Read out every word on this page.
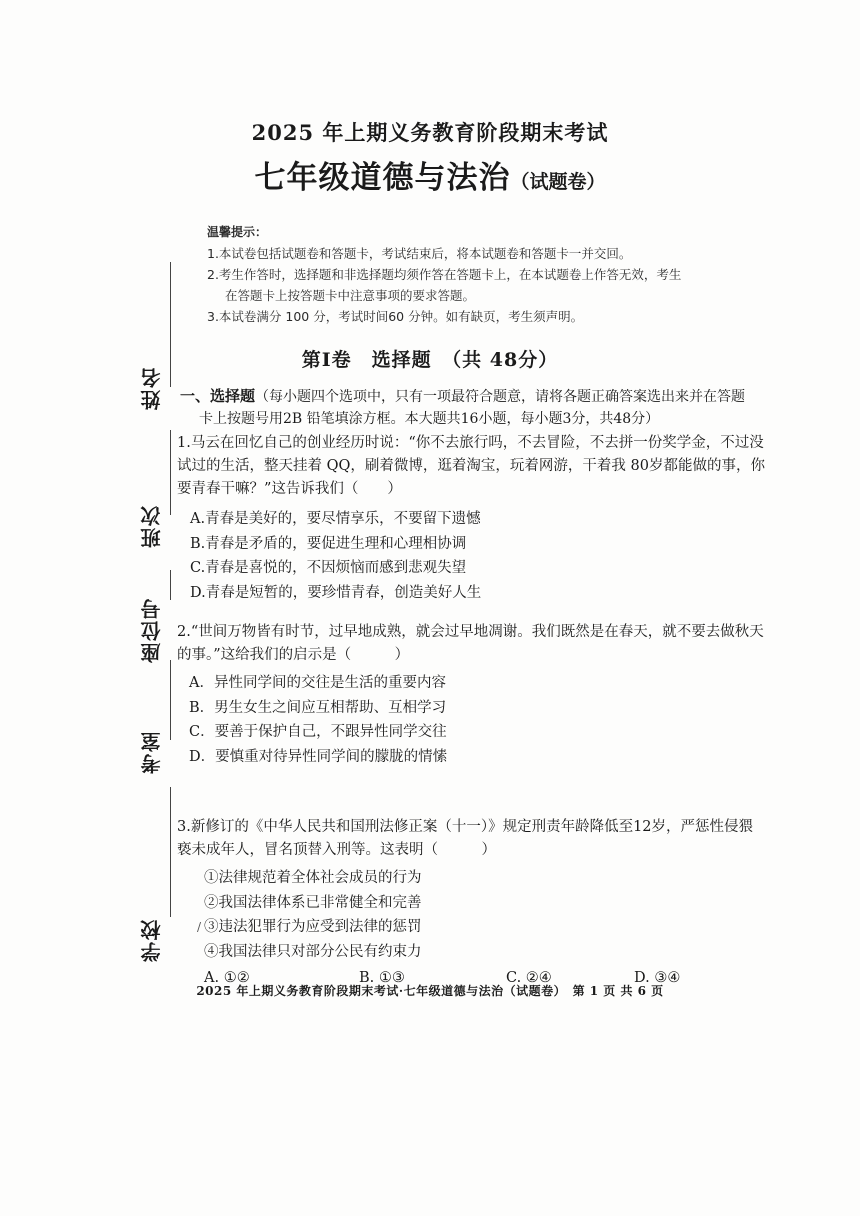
2025 年上期义务教育阶段期末考试
七年级道德与法治（试题卷）
温馨提示：
1.本试卷包括试题卷和答题卡，考试结束后，将本试题卷和答题卡一并交回。
2.考生作答时，选择题和非选择题均须作答在答题卡上，在本试题卷上作答无效，考生
在答题卡上按答题卡中注意事项的要求答题。
3.本试卷满分 100 分，考试时间60 分钟。如有缺页，考生须声明。
第Ⅰ卷　选择题　（共 48分）
一、选择题（每小题四个选项中，只有一项最符合题意，请将各题正确答案选出来并在答题
卡上按题号用2B 铅笔填涂方框。本大题共16小题，每小题3分，共48分）
1.马云在回忆自己的创业经历时说：“你不去旅行吗，不去冒险，不去拼一份奖学金，不过没
试过的生活，整天挂着 QQ，刷着微博，逛着淘宝，玩着网游，干着我 80岁都能做的事，你
要青春干嘛？”这告诉我们（　　）
A.青春是美好的，要尽情享乐，不要留下遗憾
B.青春是矛盾的，要促进生理和心理相协调
C.青春是喜悦的，不因烦恼而感到悲观失望
D.青春是短暂的，要珍惜青春，创造美好人生
2.“世间万物皆有时节，过早地成熟，就会过早地凋谢。我们既然是在春天，就不要去做秋天
的事。”这给我们的启示是（　　　）
A．异性同学间的交往是生活的重要内容
B．男生女生之间应互相帮助、互相学习
C．要善于保护自己，不跟异性同学交往
D．要慎重对待异性同学间的朦胧的情愫
3.新修订的《中华人民共和国刑法修正案（十一）》规定刑责年龄降低至12岁，严惩性侵猥
亵未成年人，冒名顶替入刑等。这表明（　　　）
①法律规范着全体社会成员的行为
②我国法律体系已非常健全和完善
③违法犯罪行为应受到法律的惩罚
④我国法律只对部分公民有约束力
A. ①②	B. ①③	C. ②④	D. ③④
/
2025 年上期义务教育阶段期末考试·七年级道德与法治（试题卷）　第 1 页 共 6 页
姓名
班次
座位号
考室
学校
